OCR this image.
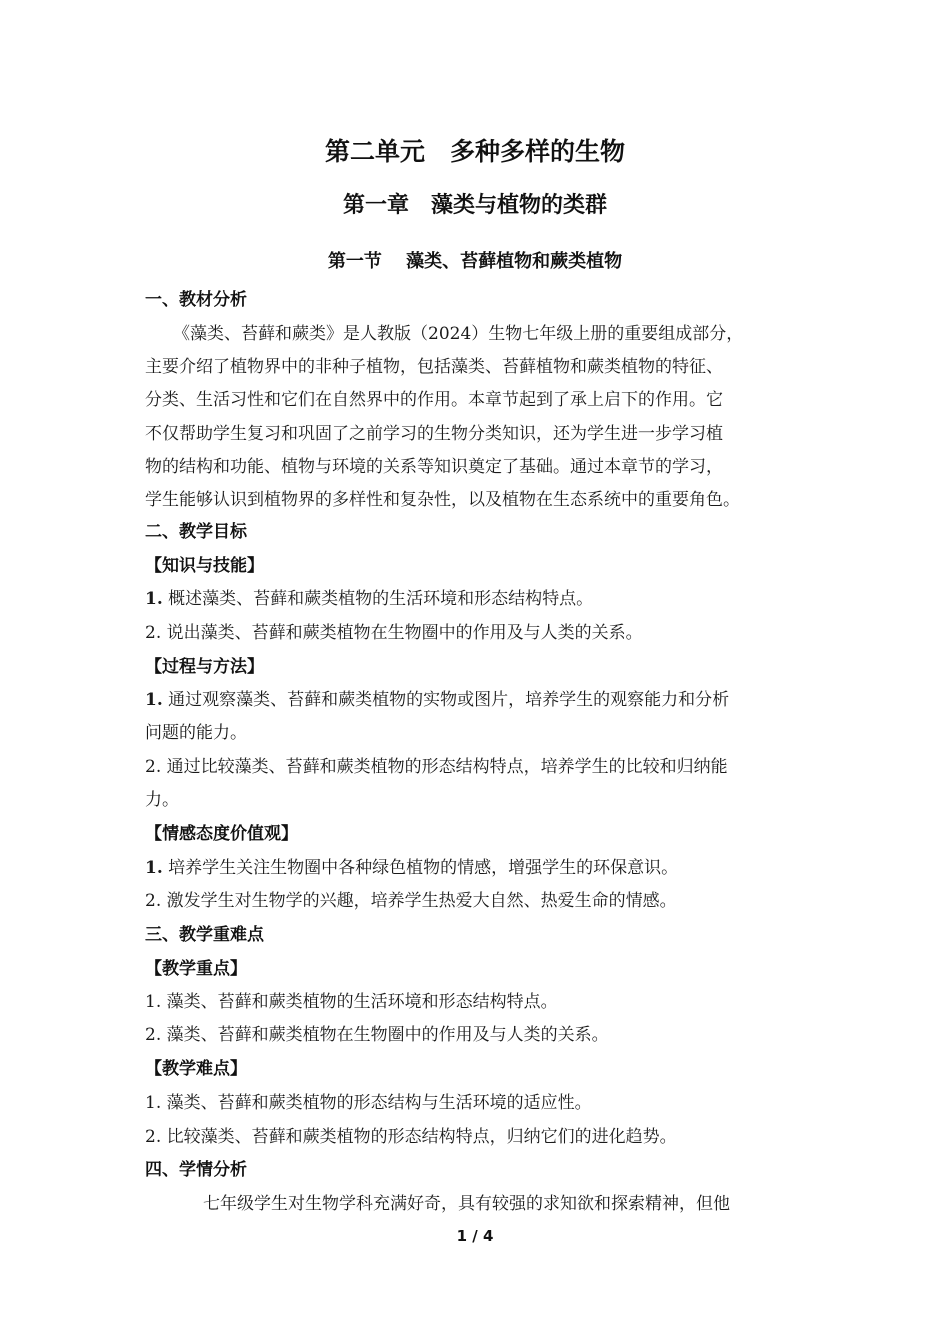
第二单元　多种多样的生物
第一章　藻类与植物的类群
第一节　 藻类、苔藓植物和蕨类植物
一、教材分析
《藻类、苔藓和蕨类》是人教版（2024）生物七年级上册的重要组成部分，
主要介绍了植物界中的非种子植物，包括藻类、苔藓植物和蕨类植物的特征、
分类、生活习性和它们在自然界中的作用。本章节起到了承上启下的作用。它
不仅帮助学生复习和巩固了之前学习的生物分类知识，还为学生进一步学习植
物的结构和功能、植物与环境的关系等知识奠定了基础。通过本章节的学习，
学生能够认识到植物界的多样性和复杂性，以及植物在生态系统中的重要角色。
二、教学目标
【知识与技能】
1. 概述藻类、苔藓和蕨类植物的生活环境和形态结构特点。
2. 说出藻类、苔藓和蕨类植物在生物圈中的作用及与人类的关系。
【过程与方法】
1. 通过观察藻类、苔藓和蕨类植物的实物或图片，培养学生的观察能力和分析
问题的能力。
2. 通过比较藻类、苔藓和蕨类植物的形态结构特点，培养学生的比较和归纳能
力。
【情感态度价值观】
1. 培养学生关注生物圈中各种绿色植物的情感，增强学生的环保意识。
2. 激发学生对生物学的兴趣，培养学生热爱大自然、热爱生命的情感。
三、教学重难点
【教学重点】
1. 藻类、苔藓和蕨类植物的生活环境和形态结构特点。
2. 藻类、苔藓和蕨类植物在生物圈中的作用及与人类的关系。
【教学难点】
1. 藻类、苔藓和蕨类植物的形态结构与生活环境的适应性。
2. 比较藻类、苔藓和蕨类植物的形态结构特点，归纳它们的进化趋势。
四、学情分析
七年级学生对生物学科充满好奇，具有较强的求知欲和探索精神，但他
1 / 4
